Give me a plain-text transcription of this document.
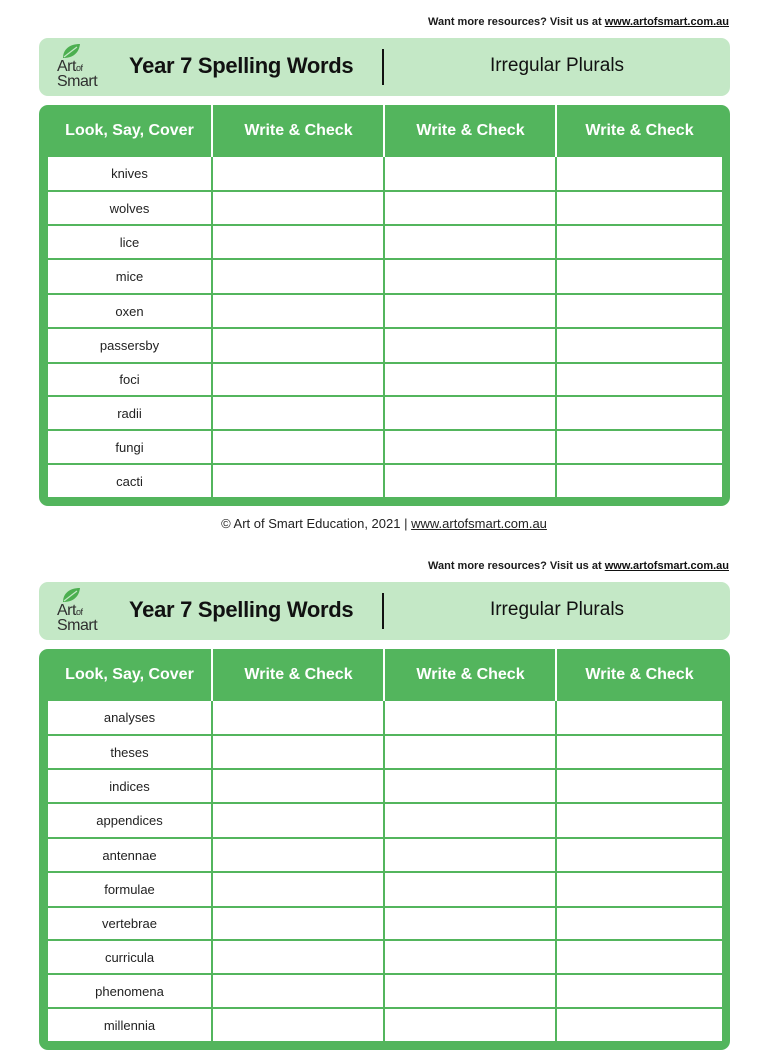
Want more resources? Visit us at www.artofsmart.com.au
Artof
Smart
Year 7 Spelling Words	Irregular Plurals
Look, Say, Cover	Write & Check	Write & Check	Write & Check
knives
wolves
lice
mice
oxen
passersby
foci
radii
fungi
cacti
© Art of Smart Education, 2021 | www.artofsmart.com.au
Want more resources? Visit us at www.artofsmart.com.au
Artof
Smart
Year 7 Spelling Words	Irregular Plurals
Look, Say, Cover	Write & Check	Write & Check	Write & Check
analyses
theses
indices
appendices
antennae
formulae
vertebrae
curricula
phenomena
millennia
